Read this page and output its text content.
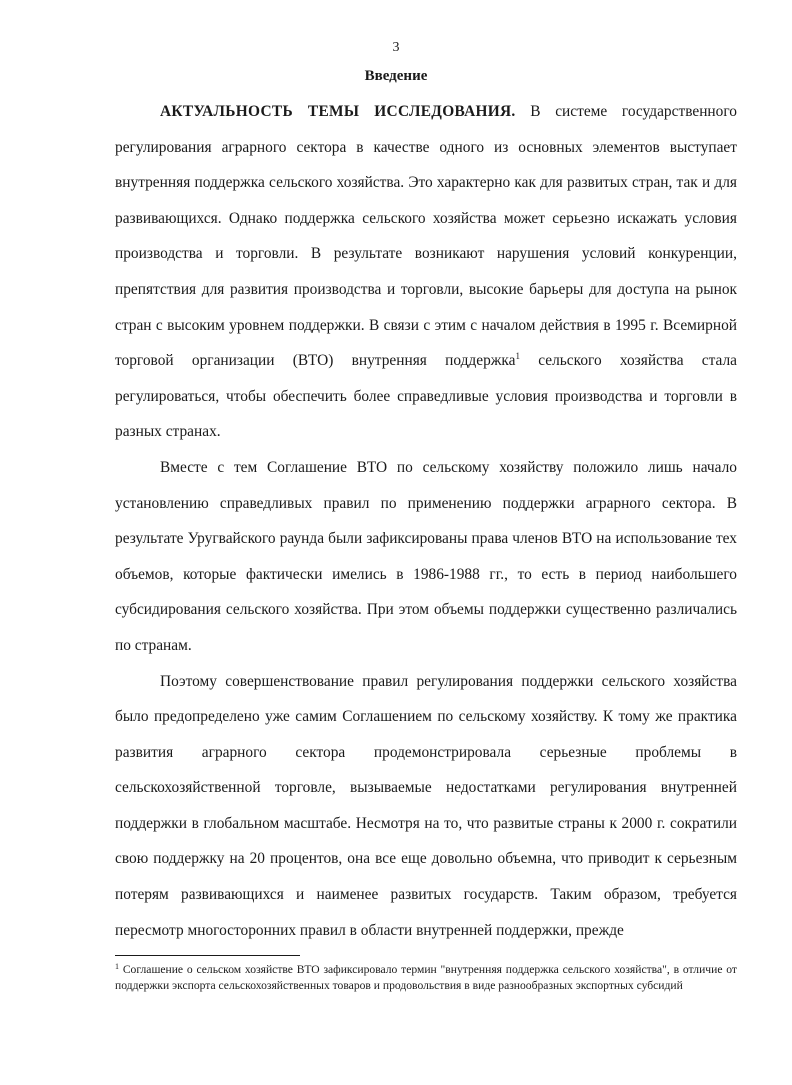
3
Введение

АКТУАЛЬНОСТЬ ТЕМЫ ИССЛЕДОВАНИЯ. В системе государственного регулирования аграрного сектора в качестве одного из основных элементов выступает внутренняя поддержка сельского хозяйства. Это характерно как для развитых стран, так и для развивающихся. Однако поддержка сельского хозяйства может серьезно искажать условия производства и торговли. В результате возникают нарушения условий конкуренции, препятствия для развития производства и торговли, высокие барьеры для доступа на рынок стран с высоким уровнем поддержки. В связи с этим с началом действия в 1995 г. Всемирной торговой организации (ВТО) внутренняя поддержка$^1$ сельского хозяйства стала регулироваться, чтобы обеспечить более справедливые условия производства и торговли в разных странах.

Вместе с тем Соглашение ВТО по сельскому хозяйству положило лишь начало установлению справедливых правил по применению поддержки аграрного сектора. В результате Уругвайского раунда были зафиксированы права членов ВТО на использование тех объемов, которые фактически имелись в 1986-1988 гг., то есть в период наибольшего субсидирования сельского хозяйства. При этом объемы поддержки существенно различались по странам.

Поэтому совершенствование правил регулирования поддержки сельского хозяйства было предопределено уже самим Соглашением по сельскому хозяйству. К тому же практика развития аграрного сектора продемонстрировала серьезные проблемы в сельскохозяйственной торговле, вызываемые недостатками регулирования внутренней поддержки в глобальном масштабе. Несмотря на то, что развитые страны к 2000 г. сократили свою поддержку на 20 процентов, она все еще довольно объемна, что приводит к серьезным потерям развивающихся и наименее развитых государств. Таким образом, требуется пересмотр многосторонних правил в области внутренней поддержки, прежде

$^1$ Соглашение о сельском хозяйстве ВТО зафиксировало термин "внутренняя поддержка сельского хозяйства", в отличие от поддержки экспорта сельскохозяйственных товаров и продовольствия в виде разнообразных экспортных субсидий
